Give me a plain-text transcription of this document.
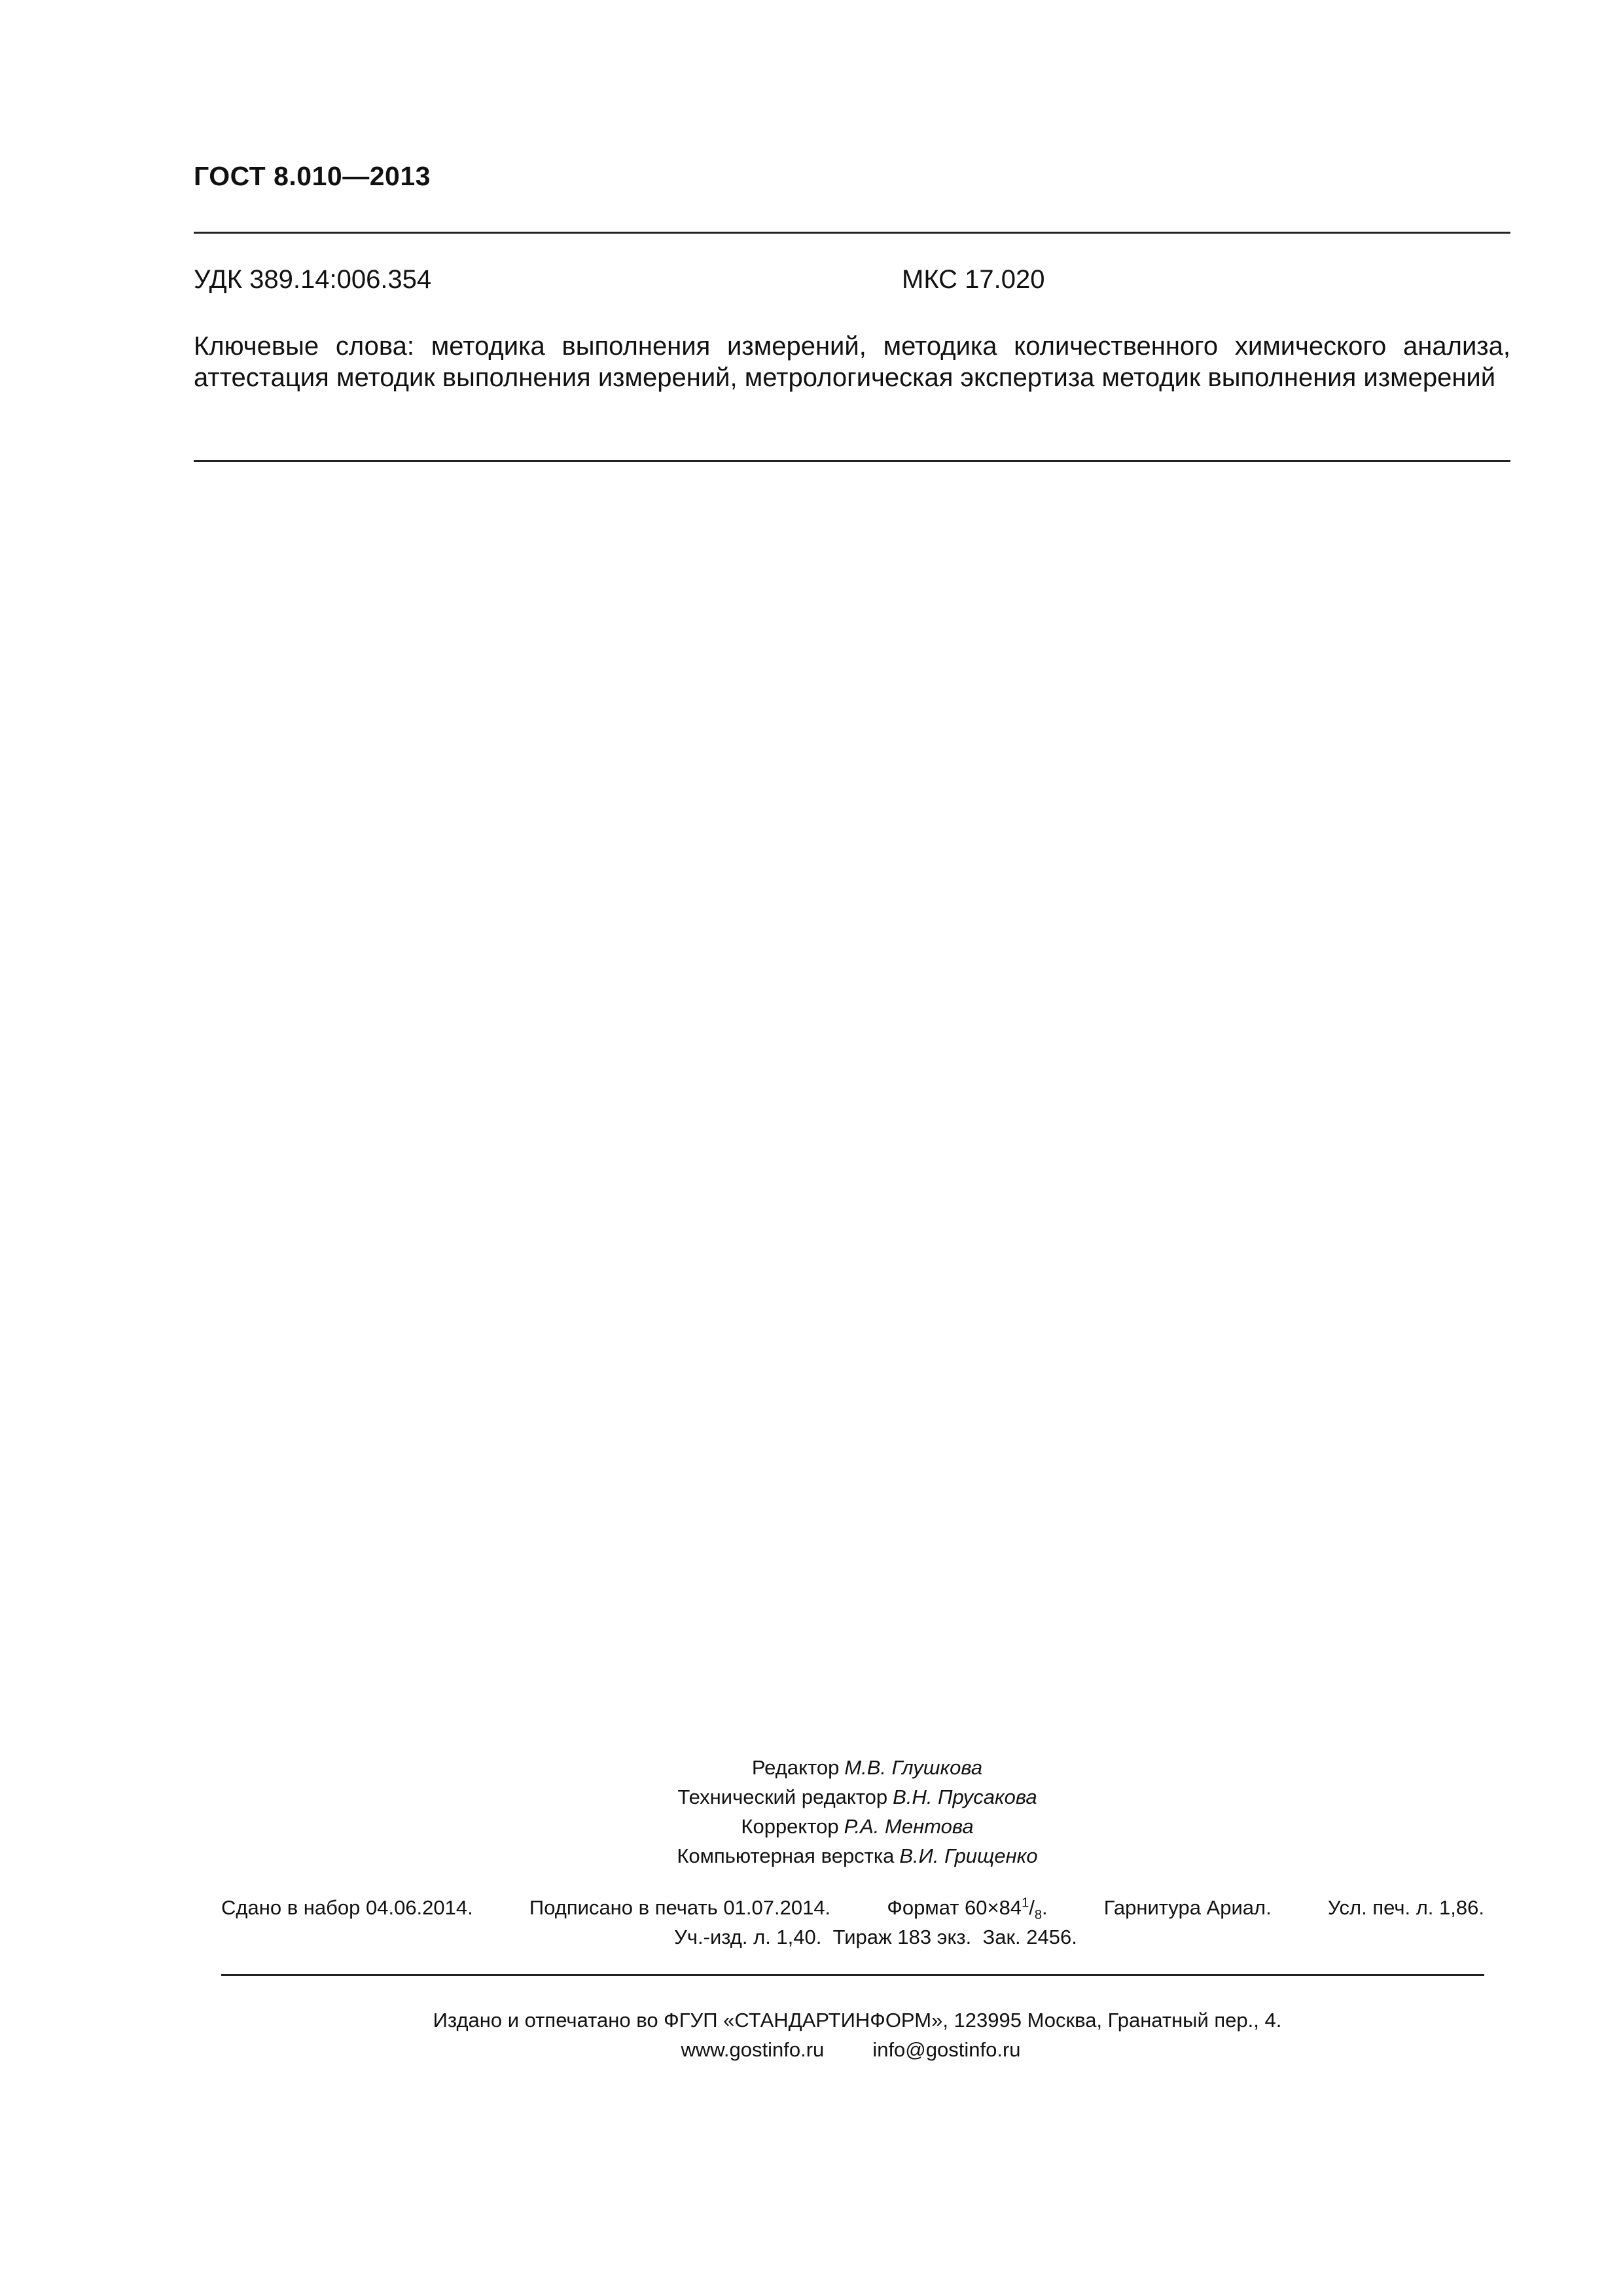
ГОСТ 8.010—2013
УДК 389.14:006.354	МКС 17.020
Ключевые слова: методика выполнения измерений, методика количественного химического анализа, аттестация методик выполнения измерений, метрологическая экспертиза методик выполнения измерений
Редактор М.В. Глушкова
Технический редактор В.Н. Прусакова
Корректор Р.А. Ментова
Компьютерная верстка В.И. Грищенко
Сдано в набор 04.06.2014.	Подписано в печать 01.07.2014.	Формат $60\times 84^1/_8$.	Гарнитура Ариал.	Усл. печ. л. 1,86.
Уч.-изд. л. 1,40. Тираж 183 экз. Зак. 2456.
Издано и отпечатано во ФГУП «СТАНДАРТИНФОРМ», 123995 Москва, Гранатный пер., 4.
www.gostinfo.ru info@gostinfo.ru
